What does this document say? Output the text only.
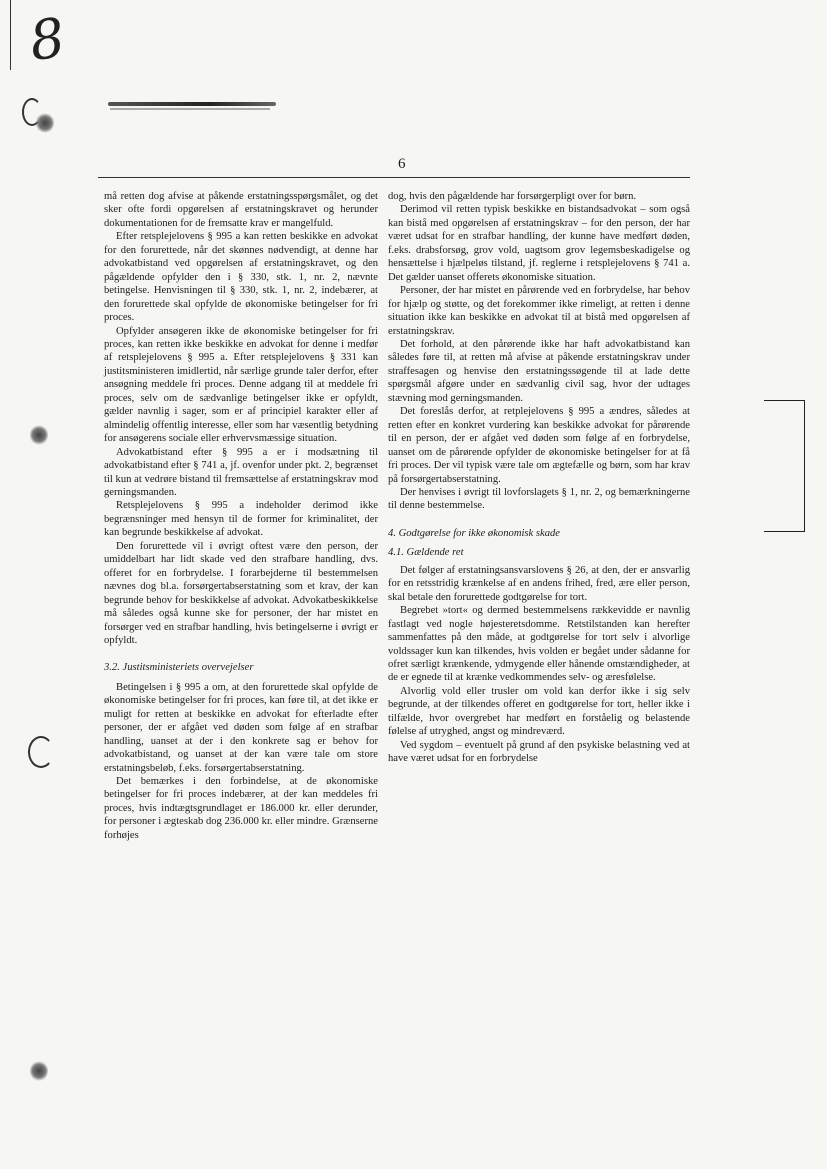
8
6

må retten dog afvise at påkende erstatningsspørgsmålet, og det sker ofte fordi opgørelsen af erstatningskravet og herunder dokumentationen for de fremsatte krav er mangelfuld.

Efter retsplejelovens § 995 a kan retten beskikke en advokat for den forurettede, når det skønnes nødvendigt, at denne har advokatbistand ved opgørelsen af erstatningskravet, og den pågældende opfylder den i § 330, stk. 1, nr. 2, nævnte betingelse. Henvisningen til § 330, stk. 1, nr. 2, indebærer, at den forurettede skal opfylde de økonomiske betingelser for fri proces.

Opfylder ansøgeren ikke de økonomiske betingelser for fri proces, kan retten ikke beskikke en advokat for denne i medfør af retsplejelovens § 995 a. Efter retsplejelovens § 331 kan justitsministeren imidlertid, når særlige grunde taler derfor, efter ansøgning meddele fri proces. Denne adgang til at meddele fri proces, selv om de sædvanlige betingelser ikke er opfyldt, gælder navnlig i sager, som er af principiel karakter eller af almindelig offentlig interesse, eller som har væsentlig betydning for ansøgerens sociale eller erhvervsmæssige situation.

Advokatbistand efter § 995 a er i modsætning til advokatbistand efter § 741 a, jf. ovenfor under pkt. 2, begrænset til kun at vedrøre bistand til fremsættelse af erstatningskrav mod gerningsmanden.

Retsplejelovens § 995 a indeholder derimod ikke begrænsninger med hensyn til de former for kriminalitet, der kan begrunde beskikkelse af advokat.

Den forurettede vil i øvrigt oftest være den person, der umiddelbart har lidt skade ved den strafbare handling, dvs. offeret for en forbrydelse. I forarbejderne til bestemmelsen nævnes dog bl.a. forsørgertabserstatning som et krav, der kan begrunde behov for beskikkelse af advokat. Advokatbeskikkelse må således også kunne ske for personer, der har mistet en forsørger ved en strafbar handling, hvis betingelserne i øvrigt er opfyldt.

3.2. Justitsministeriets overvejelser

Betingelsen i § 995 a om, at den forurettede skal opfylde de økonomiske betingelser for fri proces, kan føre til, at det ikke er muligt for retten at beskikke en advokat for efterladte efter personer, der er afgået ved døden som følge af en strafbar handling, uanset at der i den konkrete sag er behov for advokatbistand, og uanset at der kan være tale om store erstatningsbeløb, f.eks. forsørgertabserstatning.

Det bemærkes i den forbindelse, at de økonomiske betingelser for fri proces indebærer, at der kan meddeles fri proces, hvis indtægtsgrundlaget er 186.000 kr. eller derunder, for personer i ægteskab dog 236.000 kr. eller mindre. Grænserne forhøjes

dog, hvis den pågældende har forsørgerpligt over for børn.

Derimod vil retten typisk beskikke en bistandsadvokat – som også kan bistå med opgørelsen af erstatningskrav – for den person, der har været udsat for en strafbar handling, der kunne have medført døden, f.eks. drabsforsøg, grov vold, uagtsom grov legemsbeskadigelse og hensættelse i hjælpeløs tilstand, jf. reglerne i retsplejelovens § 741 a. Det gælder uanset offerets økonomiske situation.

Personer, der har mistet en pårørende ved en forbrydelse, har behov for hjælp og støtte, og det forekommer ikke rimeligt, at retten i denne situation ikke kan beskikke en advokat til at bistå med opgørelsen af erstatningskrav.

Det forhold, at den pårørende ikke har haft advokatbistand kan således føre til, at retten må afvise at påkende erstatningskrav under straffesagen og henvise den erstatningssøgende til at lade dette spørgsmål afgøre under en sædvanlig civil sag, hvor der udtages stævning mod gerningsmanden.

Det foreslås derfor, at retplejelovens § 995 a ændres, således at retten efter en konkret vurdering kan beskikke advokat for pårørende til en person, der er afgået ved døden som følge af en forbrydelse, uanset om de pårørende opfylder de økonomiske betingelser for at få fri proces. Der vil typisk være tale om ægtefælle og børn, som har krav på forsørgertabserstatning.

Der henvises i øvrigt til lovforslagets § 1, nr. 2, og bemærkningerne til denne bestemmelse.

4. Godtgørelse for ikke økonomisk skade
4.1. Gældende ret

Det følger af erstatningsansvarslovens § 26, at den, der er ansvarlig for en retsstridig krænkelse af en andens frihed, fred, ære eller person, skal betale den forurettede godtgørelse for tort.

Begrebet »tort« og dermed bestemmelsens rækkevidde er navnlig fastlagt ved nogle højesteretsdomme. Retstilstanden kan herefter sammenfattes på den måde, at godtgørelse for tort selv i alvorlige voldssager kun kan tilkendes, hvis volden er begået under sådanne for ofret særligt krænkende, ydmygende eller hånende omstændigheder, at de er egnede til at krænke vedkommendes selv- og æresfølelse.

Alvorlig vold eller trusler om vold kan derfor ikke i sig selv begrunde, at der tilkendes offeret en godtgørelse for tort, heller ikke i tilfælde, hvor overgrebet har medført en forståelig og belastende følelse af utryghed, angst og mindreværd.

Ved sygdom – eventuelt på grund af den psykiske belastning ved at have været udsat for en forbrydelse
